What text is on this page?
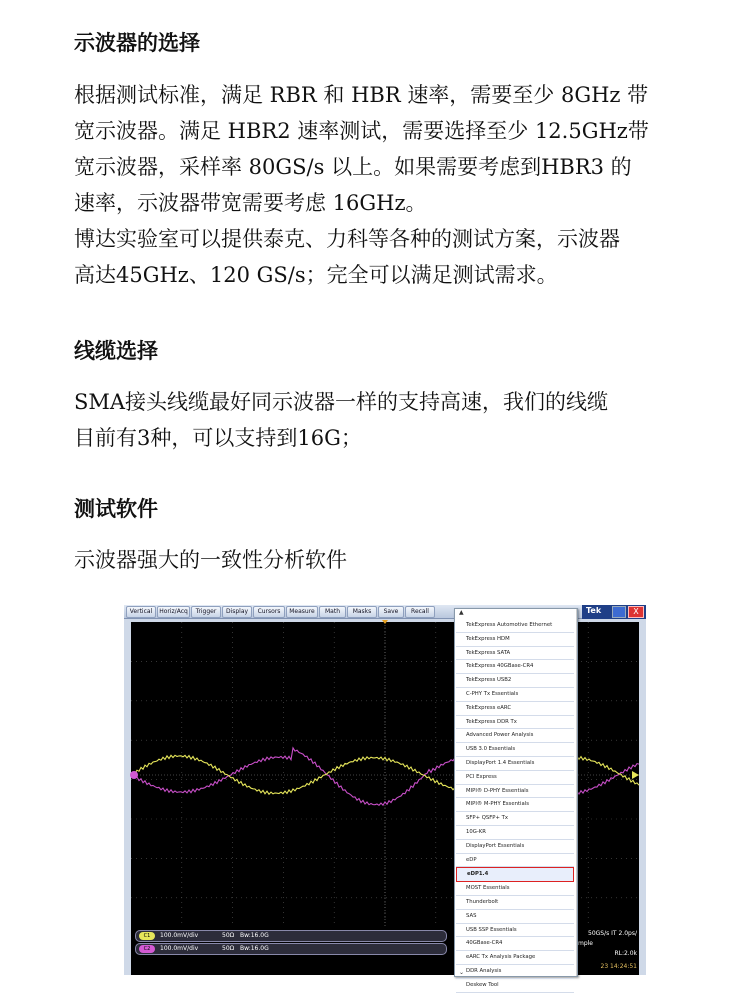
示波器的选择
根据测试标准，满足 RBR 和 HBR 速率，需要至少 8GHz 带
宽示波器。满足 HBR2 速率测试，需要选择至少 12.5GHz带
宽示波器，采样率 80GS/s 以上。如果需要考虑到HBR3 的
速率，示波器带宽需要考虑 16GHz。
博达实验室可以提供泰克、力科等各种的测试方案，示波器
高达45GHz、120 GS/s；完全可以满足测试需求。
线缆选择
SMA接头线缆最好同示波器一样的支持高速，我们的线缆
目前有3种，可以支持到16G；
测试软件
示波器强大的一致性分析软件
Vertical	Horiz/Acq	Trigger	Display	Cursors	Measure	Math	Masks	Save	Recall	Tek	X
C1 100.0mV/div	50Ω Bw:16.0G
C2 100.0mV/div	50Ω Bw:16.0G
50GS/s IT 2.0ps/
mple
RL:2.0k
23 14:24:51
▲
TekExpress Automotive Ethernet
TekExpress HDM
TekExpress SATA
TekExpress 40GBase-CR4
TekExpress USB2
C-PHY Tx Essentials
TekExpress eARC
TekExpress DDR Tx
Advanced Power Analysis
USB 3.0 Essentials
DisplayPort 1.4 Essentials
PCI Express
MIPI® D-PHY Essentials
MIPI® M-PHY Essentials
SFP+ QSFP+ Tx
10G-KR
DisplayPort Essentials
eDP
eDP1.4
MOST Essentials
Thunderbolt
SAS
USB SSP Essentials
40GBase-CR4
eARC Tx Analysis Package
DDR Analysis
Deskew Tool
⌄
